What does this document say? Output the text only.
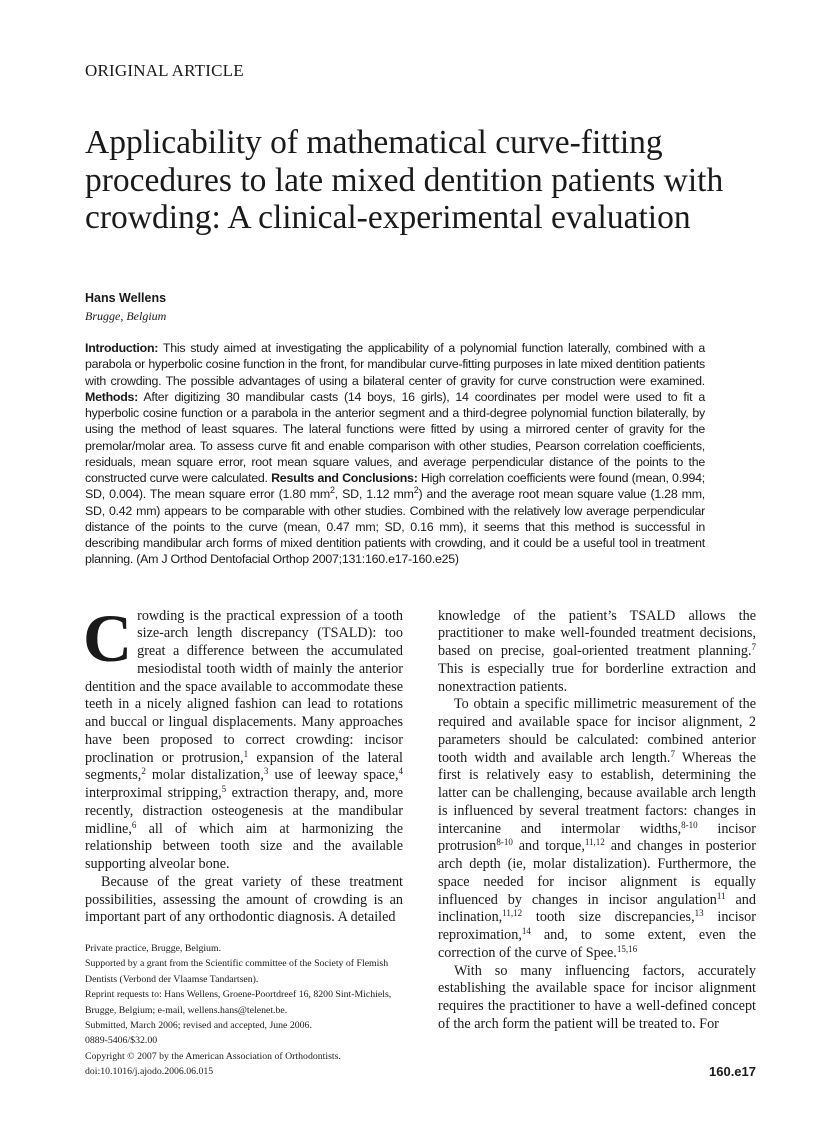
ORIGINAL ARTICLE
Applicability of mathematical curve-fitting procedures to late mixed dentition patients with crowding: A clinical-experimental evaluation
Hans Wellens
Brugge, Belgium

Introduction: This study aimed at investigating the applicability of a polynomial function laterally, combined with a parabola or hyperbolic cosine function in the front, for mandibular curve-fitting purposes in late mixed dentition patients with crowding. The possible advantages of using a bilateral center of gravity for curve construction were examined. Methods: After digitizing 30 mandibular casts (14 boys, 16 girls), 14 coordinates per model were used to fit a hyperbolic cosine function or a parabola in the anterior segment and a third-degree polynomial function bilaterally, by using the method of least squares. The lateral functions were fitted by using a mirrored center of gravity for the premolar/molar area. To assess curve fit and enable comparison with other studies, Pearson correlation coefficients, residuals, mean square error, root mean square values, and average perpendicular distance of the points to the constructed curve were calculated. Results and Conclusions: High correlation coefficients were found (mean, 0.994; SD, 0.004). The mean square error (1.80 $mm^2$, SD, 1.12 $mm^2$) and the average root mean square value (1.28 mm, SD, 0.42 mm) appears to be comparable with other studies. Combined with the relatively low average perpendicular distance of the points to the curve (mean, 0.47 mm; SD, 0.16 mm), it seems that this method is successful in describing mandibular arch forms of mixed dentition patients with crowding, and it could be a useful tool in treatment planning. (Am J Orthod Dentofacial Orthop 2007;131:160.e17-160.e25)

Crowding is the practical expression of a tooth size-arch length discrepancy (TSALD): too great a difference between the accumulated mesiodistal tooth width of mainly the anterior dentition and the space available to accommodate these teeth in a nicely aligned fashion can lead to rotations and buccal or lingual displacements. Many approaches have been proposed to correct crowding: incisor proclination or protrusion,$^1$ expansion of the lateral segments,$^2$ molar distalization,$^3$ use of leeway space,$^4$ interproximal stripping,$^5$ extraction therapy, and, more recently, distraction osteogenesis at the mandibular midline,$^6$ all of which aim at harmonizing the relationship between tooth size and the available supporting alveolar bone.

Because of the great variety of these treatment possibilities, assessing the amount of crowding is an important part of any orthodontic diagnosis. A detailed

Private practice, Brugge, Belgium.
Supported by a grant from the Scientific committee of the Society of Flemish
Dentists (Verbond der Vlaamse Tandartsen).
Reprint requests to: Hans Wellens, Groene-Poortdreef 16, 8200 Sint-Michiels,
Brugge, Belgium; e-mail, wellens.hans@telenet.be.
Submitted, March 2006; revised and accepted, June 2006.
0889-5406/$32.00
Copyright © 2007 by the American Association of Orthodontists.
doi:10.1016/j.ajodo.2006.06.015

knowledge of the patient’s TSALD allows the practitioner to make well-founded treatment decisions, based on precise, goal-oriented treatment planning.$^7$ This is especially true for borderline extraction and nonextraction patients.

To obtain a specific millimetric measurement of the required and available space for incisor alignment, 2 parameters should be calculated: combined anterior tooth width and available arch length.$^7$ Whereas the first is relatively easy to establish, determining the latter can be challenging, because available arch length is influenced by several treatment factors: changes in intercanine and intermolar widths,$^{8-10}$ incisor protrusion$^{8-10}$ and torque,$^{11,12}$ and changes in posterior arch depth (ie, molar distalization). Furthermore, the space needed for incisor alignment is equally influenced by changes in incisor angulation$^{11}$ and inclination,$^{11,12}$ tooth size discrepancies,$^{13}$ incisor reproximation,$^{14}$ and, to some extent, even the correction of the curve of Spee.$^{15,16}$

With so many influencing factors, accurately establishing the available space for incisor alignment requires the practitioner to have a well-defined concept of the arch form the patient will be treated to. For

160.e17
